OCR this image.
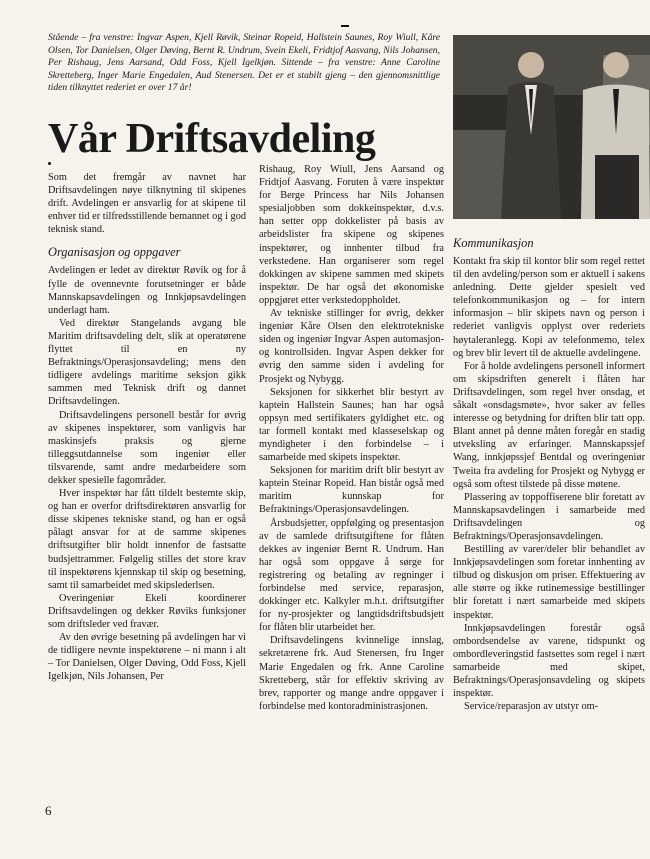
Stående – fra venstre: Ingvar Aspen, Kjell Røvik, Steinar Ropeid, Hallstein Saunes, Roy Wiull, Kåre Olsen, Tor Danielsen, Olger Døving, Bernt R. Undrum, Svein Ekeli, Fridtjof Aasvang, Nils Johansen, Per Rishaug, Jens Aarsand, Odd Foss, Kjell Igelkjøn. Sittende – fra venstre: Anne Caroline Skretteberg, Inger Marie Engedalen, Aud Stenersen. Det er et stabilt gjeng – den gjennomsnittlige tiden tilknyttet rederiet er over 17 år!
Vår Driftsavdeling

Som det fremgår av navnet har Driftsavdelingen nøye tilknytning til skipenes drift. Avdelingen er ansvarlig for at skipene til enhver tid er tilfredsstillende bemannet og i god teknisk stand.

Organisasjon og oppgaver

Avdelingen er ledet av direktør Røvik og for å fylle de ovennevnte forutsetninger er både Mannskapsavdelingen og Innkjøpsavdelingen underlagt ham.

Ved direktør Stangelands avgang ble Maritim driftsavdeling delt, slik at operatørene flyttet til en ny Befraktnings/Operasjonsavdeling; mens den tidligere avdelings maritime seksjon gikk sammen med Teknisk drift og dannet Driftsavdelingen.

Driftsavdelingens personell består for øvrig av skipenes inspektører, som vanligvis har maskinsjefs praksis og gjerne tilleggsutdannelse som ingeniør eller tilsvarende, samt andre medarbeidere som dekker spesielle fagområder.

Hver inspektør har fått tildelt bestemte skip, og han er overfor driftsdirektøren ansvarlig for disse skipenes tekniske stand, og han er også pålagt ansvar for at de samme skipenes driftsutgifter blir holdt innenfor de fastsatte budsjettrammer. Følgelig stilles det store krav til inspektørens kjennskap til skip og besetning, samt til samarbeidet med skipslederlsen.

Overingeniør Ekeli koordinerer Driftsavdelingen og dekker Røviks funksjoner som driftsleder ved fravær.

Av den øvrige besetning på avdelingen har vi de tidligere nevnte inspektørene – ni mann i alt – Tor Danielsen, Olger Døving, Odd Foss, Kjell Igelkjøn, Nils Johansen, Per

Rishaug, Roy Wiull, Jens Aarsand og Fridtjof Aasvang. Foruten å være inspektør for Berge Princess har Nils Johansen spesialjobben som dokkeinspektør, d.v.s. han setter opp dokkelister på basis av arbeidslister fra skipene og skipenes inspektører, og innhenter tilbud fra verkstedene. Han organiserer som regel dokkingen av skipene sammen med skipets inspektør. De har også det økonomiske oppgjøret etter verkstedoppholdet.

Av tekniske stillinger for øvrig, dekker ingeniør Kåre Olsen den elektrotekniske siden og ingeniør Ingvar Aspen automasjon- og kontrollsiden. Ingvar Aspen dekker for øvrig den samme siden i avdeling for Prosjekt og Nybygg.

Seksjonen for sikkerhet blir bestyrt av kaptein Hallstein Saunes; han har også oppsyn med sertifikaters gyldighet etc. og tar formell kontakt med klasseselskap og myndigheter i den forbindelse – i samarbeide med skipets inspektør.

Seksjonen for maritim drift blir bestyrt av kaptein Steinar Ropeid. Han bistår også med maritim kunnskap for Befraktnings/Operasjonsavdelingen.

Årsbudsjetter, oppfølging og presentasjon av de samlede driftsutgiftene for flåten dekkes av ingeniør Bernt R. Undrum. Han har også som oppgave å sørge for registrering og betaling av regninger i forbindelse med service, reparasjon, dokkinger etc. Kalkyler m.h.t. driftsutgifter for ny-prosjekter og langtidsdriftsbudsjett for flåten blir utarbeidet her.

Driftsavdelingens kvinnelige innslag, sekretærene frk. Aud Stenersen, fru Inger Marie Engedalen og frk. Anne Caroline Skretteberg, står for effektiv skriving av brev, rapporter og mange andre oppgaver i forbindelse med kontoradministrasjonen.

Kommunikasjon

Kontakt fra skip til kontor blir som regel rettet til den avdeling/person som er aktuell i sakens anledning. Dette gjelder spesielt ved telefonkommunikasjon og – for intern informasjon – blir skipets navn og person i rederiet vanligvis opplyst over rederiets høytaleranlegg. Kopi av telefonmemo, telex og brev blir levert til de aktuelle avdelingene.

For å holde avdelingens personell informert om skipsdriften generelt i flåten har Driftsavdelingen, som regel hver onsdag, et såkalt «onsdagsmøte», hvor saker av felles interesse og betydning for driften blir tatt opp. Blant annet på denne måten foregår en stadig utveksling av erfaringer. Mannskapssjef Wang, innkjøpssjef Bentdal og overingeniør Tweita fra avdeling for Prosjekt og Nybygg er også som oftest tilstede på disse møtene.

Plassering av toppoffiserene blir foretatt av Mannskapsavdelingen i samarbeide med Driftsavdelingen og Befraktnings/Operasjonsavdelingen.

Bestilling av varer/deler blir behandlet av Innkjøpsavdelingen som foretar innhenting av tilbud og diskusjon om priser. Effektuering av alle større og ikke rutinemessige bestillinger blir foretatt i nært samarbeide med skipets inspektør.

Innkjøpsavdelingen forestår også ombordsendelse av varene, tidspunkt og ombordleveringstid fastsettes som regel i nært samarbeide med skipet, Befraktnings/Operasjonsavdeling og skipets inspektør.

Service/reparasjon av utstyr om-

6
